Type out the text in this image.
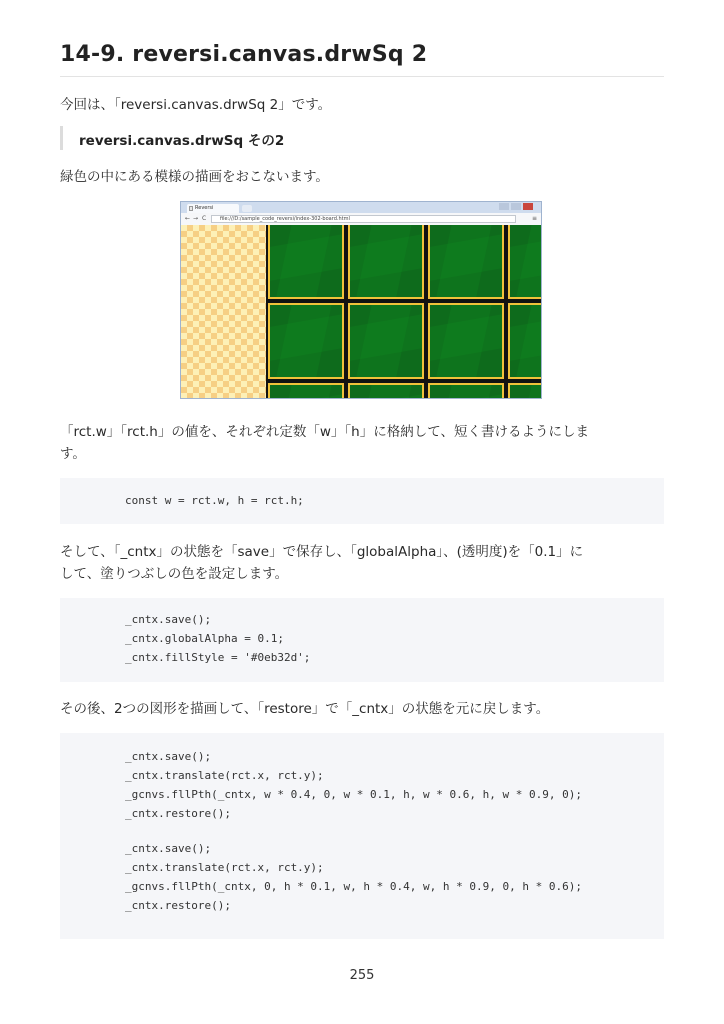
14-9. reversi.canvas.drwSq 2

今回は、「reversi.canvas.drwSq 2」です。

reversi.canvas.drwSq その2

緑色の中にある模様の描画をおこないます。

Reversi
← → C	file:///D:/sample_code_reversi/index-302-board.html	≡

「rct.w」「rct.h」の値を、それぞれ定数「w」「h」に格納して、短く書けるようにしま

す。

const w = rct.w, h = rct.h;

そして、「_cntx」の状態を「save」で保存し、「globalAlpha」、(透明度)を「0.1」に

して、塗りつぶしの色を設定します。

_cntx.save();
_cntx.globalAlpha = 0.1;
_cntx.fillStyle = '#0eb32d';

その後、2つの図形を描画して、「restore」で「_cntx」の状態を元に戻します。

_cntx.save();
_cntx.translate(rct.x, rct.y);
_gcnvs.fllPth(_cntx, w * 0.4, 0, w * 0.1, h, w * 0.6, h, w * 0.9, 0);
_cntx.restore();
_cntx.save();
_cntx.translate(rct.x, rct.y);
_gcnvs.fllPth(_cntx, 0, h * 0.1, w, h * 0.4, w, h * 0.9, 0, h * 0.6);
_cntx.restore();
255
